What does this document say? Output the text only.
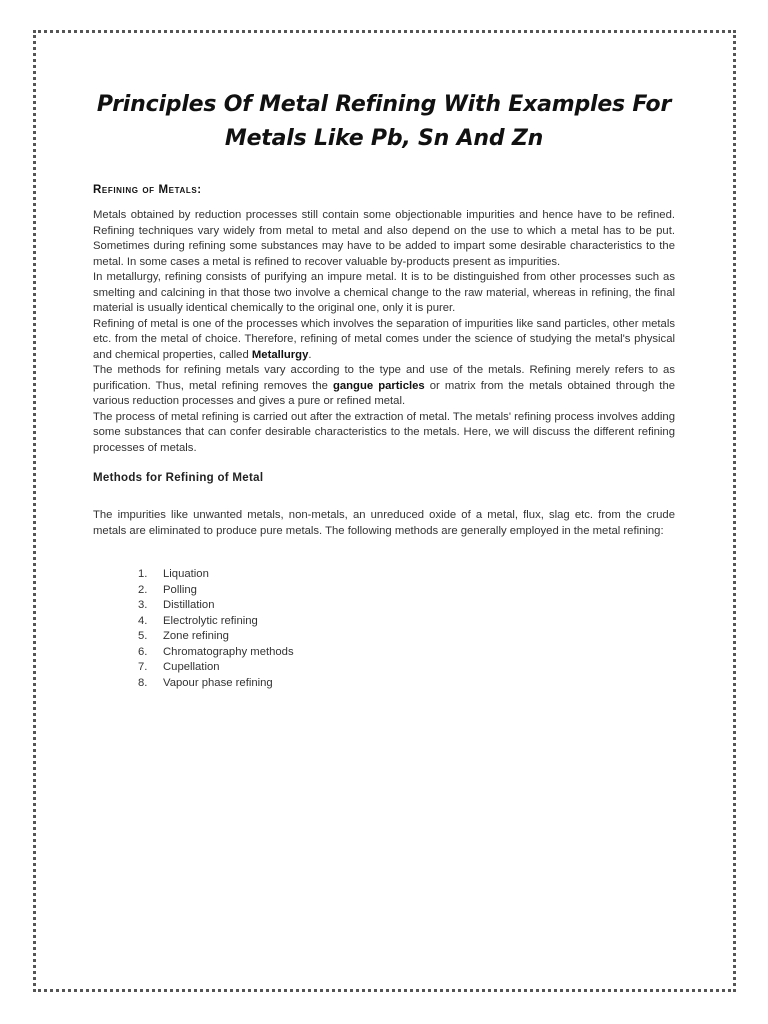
Principles Of Metal Refining With Examples For Metals Like Pb, Sn And Zn
Refining of Metals:

Metals obtained by reduction processes still contain some objectionable impurities and hence have to be refined. Refining techniques vary widely from metal to metal and also depend on the use to which a metal has to be put. Sometimes during refining some substances may have to be added to impart some desirable characteristics to the metal. In some cases a metal is refined to recover valuable by-products present as impurities.

In metallurgy, refining consists of purifying an impure metal. It is to be distinguished from other processes such as smelting and calcining in that those two involve a chemical change to the raw material, whereas in refining, the final material is usually identical chemically to the original one, only it is purer.

Refining of metal is one of the processes which involves the separation of impurities like sand particles, other metals etc. from the metal of choice. Therefore, refining of metal comes under the science of studying the metal's physical and chemical properties, called Metallurgy.

The methods for refining metals vary according to the type and use of the metals. Refining merely refers to as purification. Thus, metal refining removes the gangue particles or matrix from the metals obtained through the various reduction processes and gives a pure or refined metal.

The process of metal refining is carried out after the extraction of metal. The metals' refining process involves adding some substances that can confer desirable characteristics to the metals. Here, we will discuss the different refining processes of metals.

Methods for Refining of Metal

The impurities like unwanted metals, non-metals, an unreduced oxide of a metal, flux, slag etc. from the crude metals are eliminated to produce pure metals. The following methods are generally employed in the metal refining:

1.	Liquation
2.	Polling
3.	Distillation
4.	Electrolytic refining
5.	Zone refining
6.	Chromatography methods
7.	Cupellation
8.	Vapour phase refining
